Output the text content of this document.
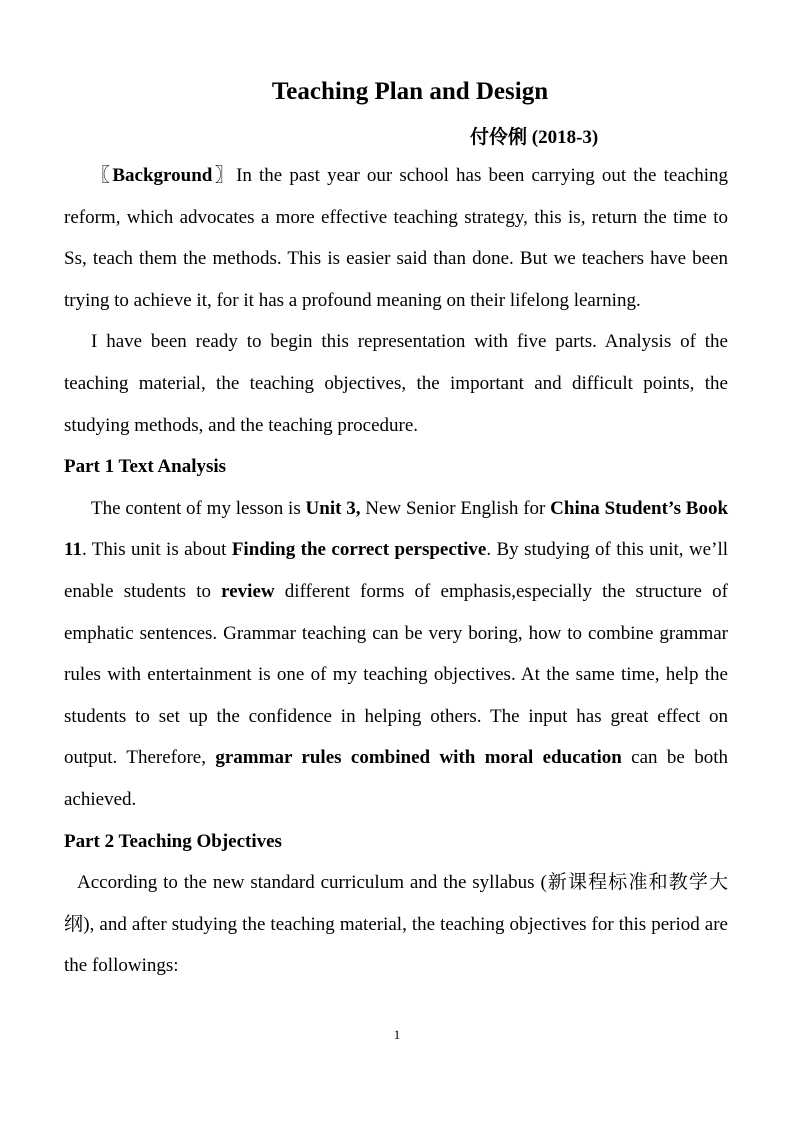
Teaching Plan and Design
付伶俐 (2018-3)

〖Background〗In the past year our school has been carrying out the teaching reform, which advocates a more effective teaching strategy, this is, return the time to Ss, teach them the methods. This is easier said than done. But we teachers have been trying to achieve it, for it has a profound meaning on their lifelong learning.

I have been ready to begin this representation with five parts. Analysis of the teaching material, the teaching objectives, the important and difficult points, the studying methods, and the teaching procedure.

Part 1 Text Analysis

The content of my lesson is Unit 3, New Senior English for China Student’s Book 11. This unit is about Finding the correct perspective. By studying of this unit, we’ll enable students to review different forms of emphasis,especially the structure of emphatic sentences. Grammar teaching can be very boring, how to combine grammar rules with entertainment is one of my teaching objectives. At the same time, help the students to set up the confidence in helping others. The input has great effect on output. Therefore, grammar rules combined with moral education can be both achieved.

Part 2 Teaching Objectives

According to the new standard curriculum and the syllabus (新课程标准和教学大纲), and after studying the teaching material, the teaching objectives for this period are the followings:

1
